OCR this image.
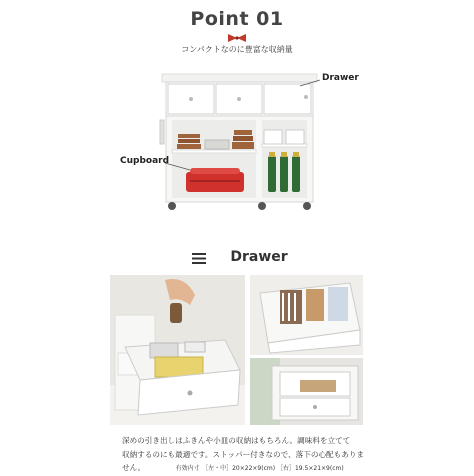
Point 01
コンパクトなのに豊富な収納量
Drawer
Cupboard
Drawer
深めの引き出しはふきんや小皿の収納はもちろん。調味料を立てて
収納するのにも最適です。ストッパー付きなので、落下の心配もありま
せん。	有効内寸 ［左・中］20×22×9(cm) ［右］19.5×21×9(cm)
